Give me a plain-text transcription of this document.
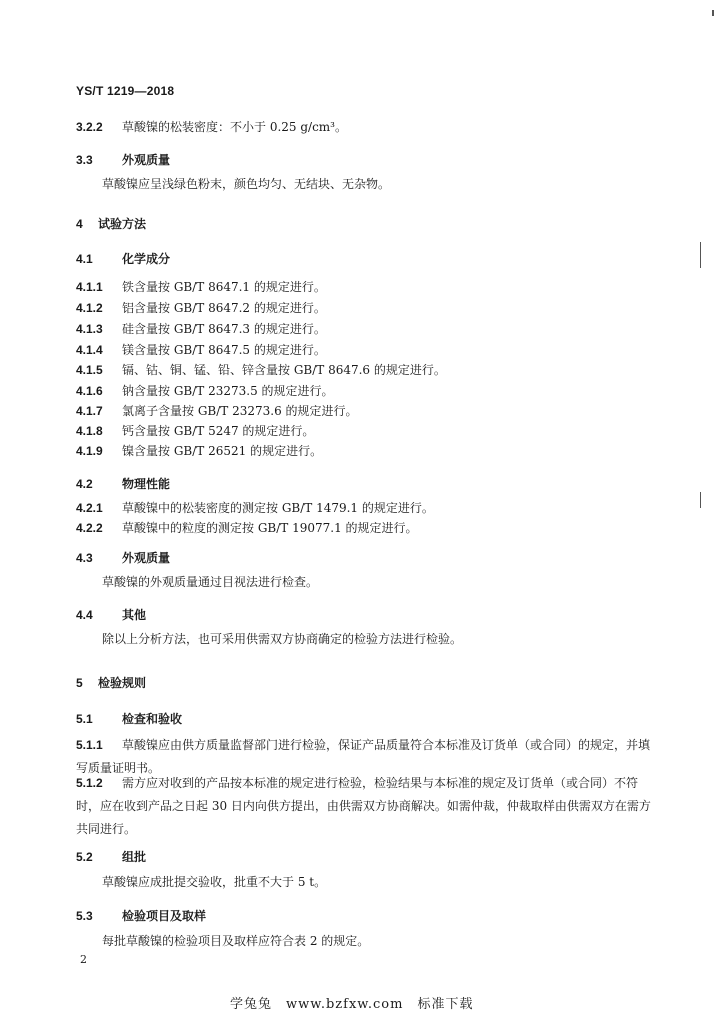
YS/T 1219—2018
3.2.2 草酸镍的松装密度：不小于 0.25 g/cm³。
3.3 外观质量
草酸镍应呈浅绿色粉末，颜色均匀、无结块、无杂物。
4 试验方法
4.1 化学成分
4.1.1 铁含量按 GB/T 8647.1 的规定进行。
4.1.2 铝含量按 GB/T 8647.2 的规定进行。
4.1.3 硅含量按 GB/T 8647.3 的规定进行。
4.1.4 镁含量按 GB/T 8647.5 的规定进行。
4.1.5 镉、钴、铜、锰、铅、锌含量按 GB/T 8647.6 的规定进行。
4.1.6 钠含量按 GB/T 23273.5 的规定进行。
4.1.7 氯离子含量按 GB/T 23273.6 的规定进行。
4.1.8 钙含量按 GB/T 5247 的规定进行。
4.1.9 镍含量按 GB/T 26521 的规定进行。
4.2 物理性能
4.2.1 草酸镍中的松装密度的测定按 GB/T 1479.1 的规定进行。
4.2.2 草酸镍中的粒度的测定按 GB/T 19077.1 的规定进行。
4.3 外观质量
草酸镍的外观质量通过目视法进行检查。
4.4 其他
除以上分析方法，也可采用供需双方协商确定的检验方法进行检验。
5 检验规则
5.1 检查和验收
5.1.1 草酸镍应由供方质量监督部门进行检验，保证产品质量符合本标准及订货单（或合同）的规定，并填写质量证明书。
5.1.2 需方应对收到的产品按本标准的规定进行检验，检验结果与本标准的规定及订货单（或合同）不符时，应在收到产品之日起 30 日内向供方提出，由供需双方协商解决。如需仲裁，仲裁取样由供需双方在需方共同进行。
5.2 组批
草酸镍应成批提交验收，批重不大于 5 t。
5.3 检验项目及取样
每批草酸镍的检验项目及取样应符合表 2 的规定。
2
学兔兔　www.bzfxw.com　标准下载
